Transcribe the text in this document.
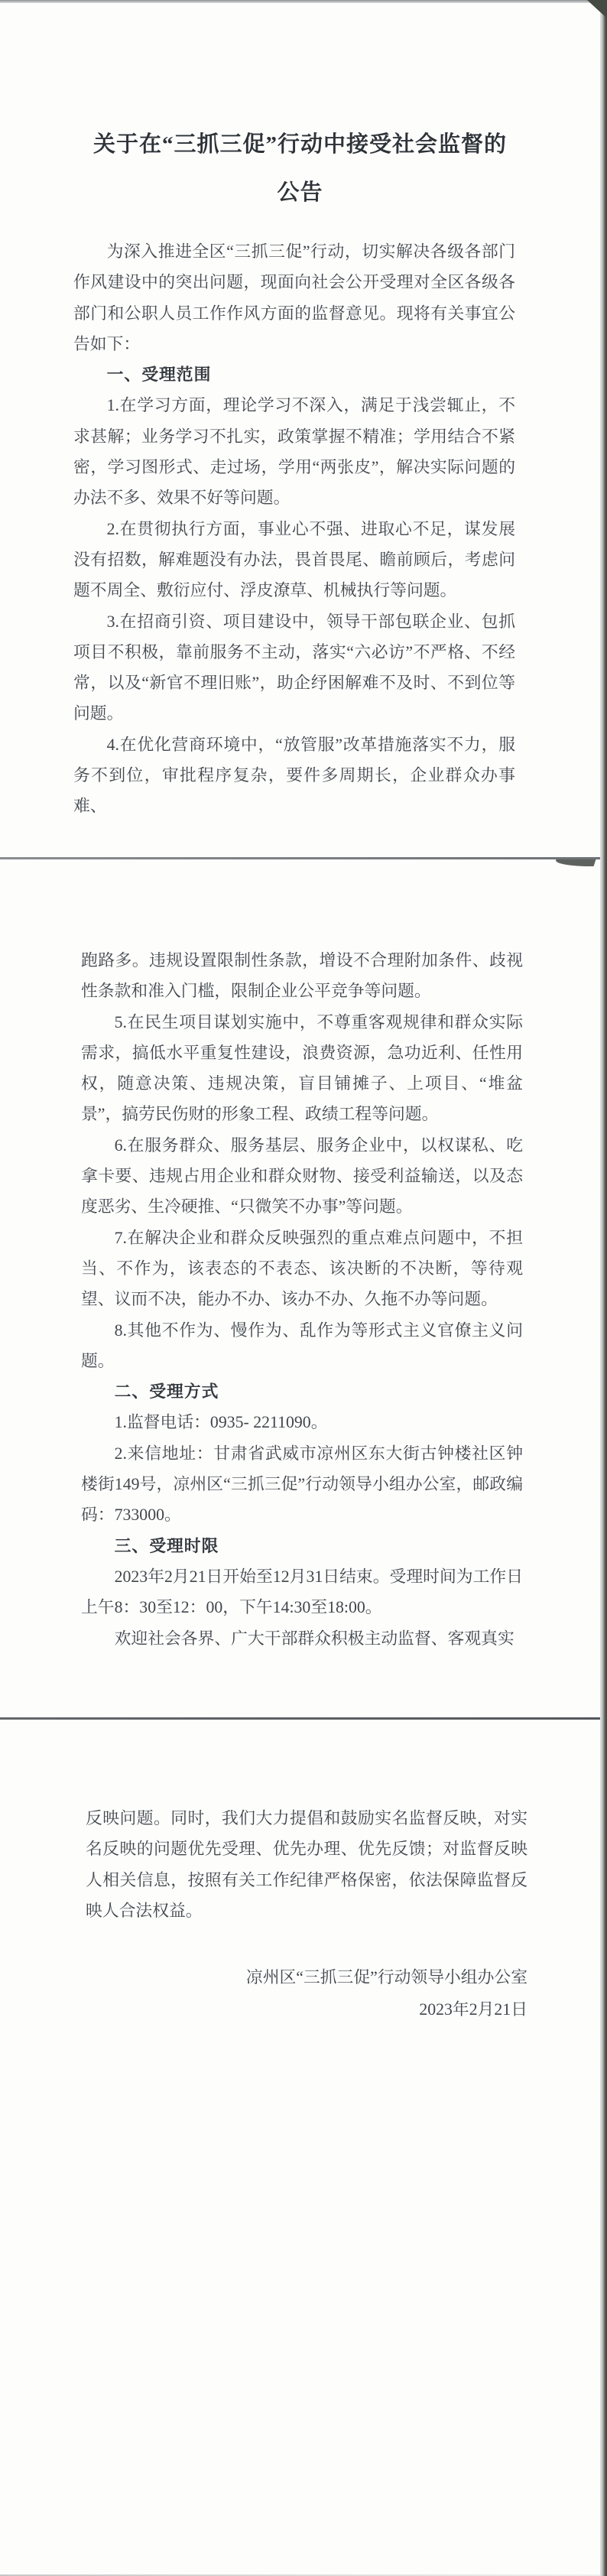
关于在“三抓三促”行动中接受社会监督的
公告

为深入推进全区“三抓三促”行动，切实解决各级各部门作风建设中的突出问题，现面向社会公开受理对全区各级各部门和公职人员工作作风方面的监督意见。现将有关事宜公告如下：

一、受理范围

1.在学习方面，理论学习不深入，满足于浅尝辄止，不求甚解；业务学习不扎实，政策掌握不精准；学用结合不紧密，学习图形式、走过场，学用“两张皮”，解决实际问题的办法不多、效果不好等问题。

2.在贯彻执行方面，事业心不强、进取心不足，谋发展没有招数，解难题没有办法，畏首畏尾、瞻前顾后，考虑问题不周全、敷衍应付、浮皮潦草、机械执行等问题。

3.在招商引资、项目建设中，领导干部包联企业、包抓项目不积极，靠前服务不主动，落实“六必访”不严格、不经常，以及“新官不理旧账”，助企纾困解难不及时、不到位等问题。

4.在优化营商环境中，“放管服”改革措施落实不力，服务不到位，审批程序复杂，要件多周期长，企业群众办事难、

跑路多。违规设置限制性条款，增设不合理附加条件、歧视性条款和准入门槛，限制企业公平竞争等问题。

5.在民生项目谋划实施中，不尊重客观规律和群众实际需求，搞低水平重复性建设，浪费资源，急功近利、任性用权，随意决策、违规决策，盲目铺摊子、上项目、“堆盆景”，搞劳民伤财的形象工程、政绩工程等问题。

6.在服务群众、服务基层、服务企业中，以权谋私、吃拿卡要、违规占用企业和群众财物、接受利益输送，以及态度恶劣、生冷硬推、“只微笑不办事”等问题。

7.在解决企业和群众反映强烈的重点难点问题中，不担当、不作为，该表态的不表态、该决断的不决断，等待观望、议而不决，能办不办、该办不办、久拖不办等问题。

8.其他不作为、慢作为、乱作为等形式主义官僚主义问题。

二、受理方式

1.监督电话：0935- 2211090。

2.来信地址：甘肃省武威市凉州区东大街古钟楼社区钟楼街149号，凉州区“三抓三促”行动领导小组办公室，邮政编码：733000。

三、受理时限

2023年2月21日开始至12月31日结束。受理时间为工作日上午8：30至12：00，下午14:30至18:00。

欢迎社会各界、广大干部群众积极主动监督、客观真实

反映问题。同时，我们大力提倡和鼓励实名监督反映，对实名反映的问题优先受理、优先办理、优先反馈；对监督反映人相关信息，按照有关工作纪律严格保密，依法保障监督反映人合法权益。

凉州区“三抓三促”行动领导小组办公室

2023年2月21日
